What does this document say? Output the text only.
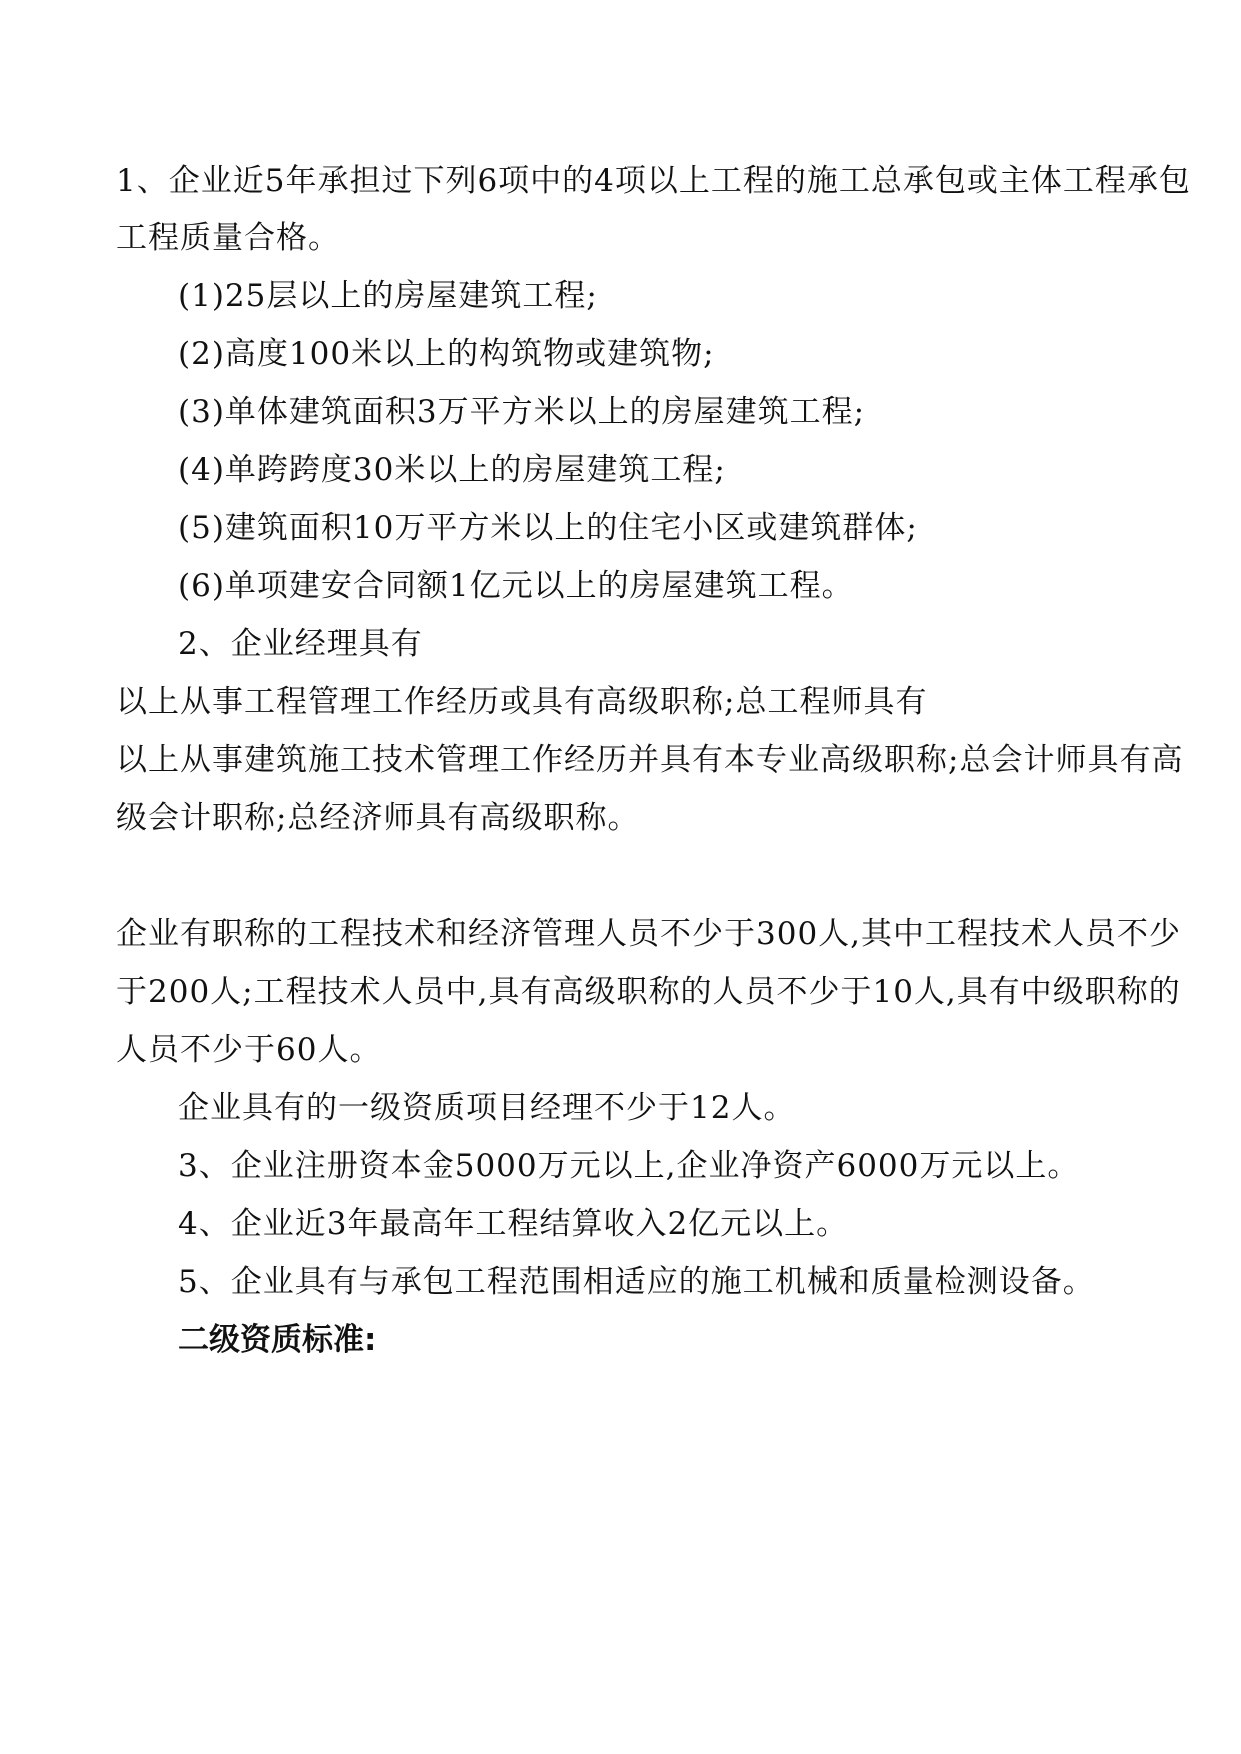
1、企业近5年承担过下列6项中的4项以上工程的施工总承包或主体工程承包
工程质量合格。
(1)25层以上的房屋建筑工程;
(2)高度100米以上的构筑物或建筑物;
(3)单体建筑面积3万平方米以上的房屋建筑工程;
(4)单跨跨度30米以上的房屋建筑工程;
(5)建筑面积10万平方米以上的住宅小区或建筑群体;
(6)单项建安合同额1亿元以上的房屋建筑工程。
2、企业经理具有
以上从事工程管理工作经历或具有高级职称;总工程师具有
以上从事建筑施工技术管理工作经历并具有本专业高级职称;总会计师具有高
级会计职称;总经济师具有高级职称。
企业有职称的工程技术和经济管理人员不少于300人,其中工程技术人员不少
于200人;工程技术人员中,具有高级职称的人员不少于10人,具有中级职称的
人员不少于60人。
企业具有的一级资质项目经理不少于12人。
3、企业注册资本金5000万元以上,企业净资产6000万元以上。
4、企业近3年最高年工程结算收入2亿元以上。
5、企业具有与承包工程范围相适应的施工机械和质量检测设备。
二级资质标准:
